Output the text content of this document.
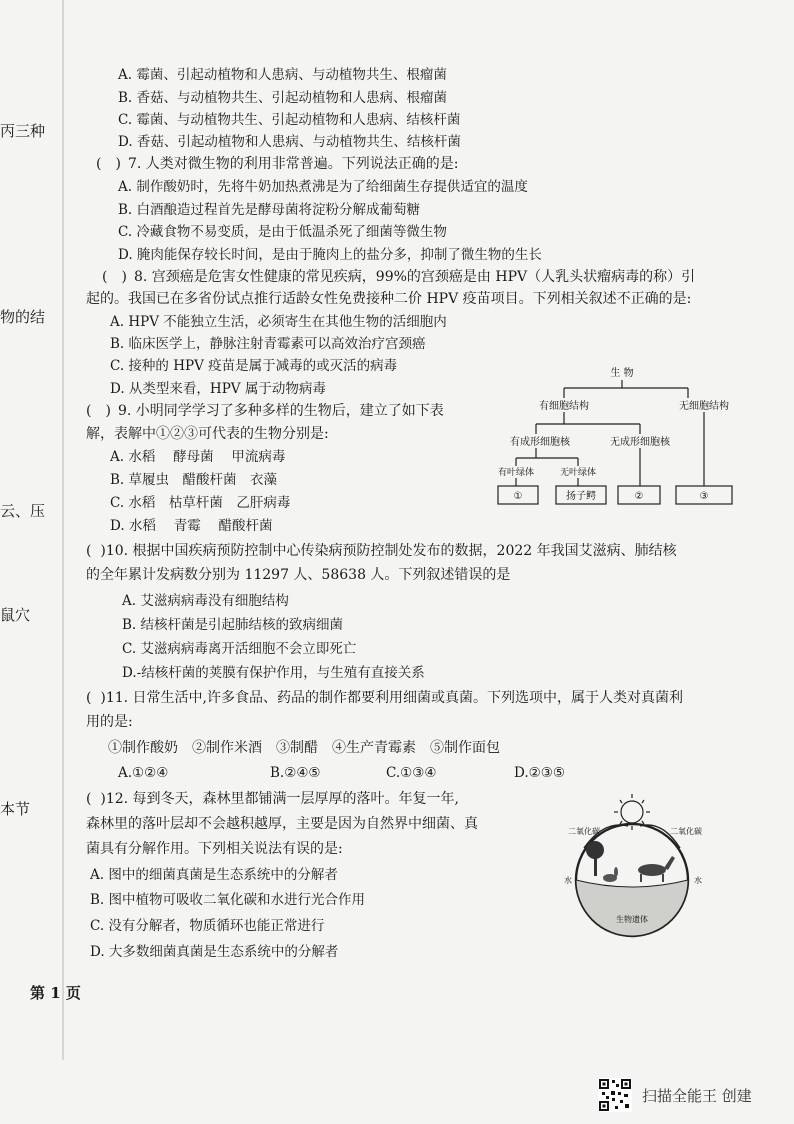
丙三种
物的结
云、压
鼠穴
本节
A. 霉菌、引起动植物和人患病、与动植物共生、根瘤菌
B. 香菇、与动植物共生、引起动植物和人患病、根瘤菌
C. 霉菌、与动植物共生、引起动植物和人患病、结核杆菌
D. 香菇、引起动植物和人患病、与动植物共生、结核杆菌
(　) 7. 人类对微生物的利用非常普遍。下列说法正确的是:
A. 制作酸奶时，先将牛奶加热煮沸是为了给细菌生存提供适宜的温度
B. 白酒酿造过程首先是酵母菌将淀粉分解成葡萄糖
C. 冷藏食物不易变质，是由于低温杀死了细菌等微生物
D. 腌肉能保存较长时间，是由于腌肉上的盐分多，抑制了微生物的生长
(　) 8. 宫颈癌是危害女性健康的常见疾病，99%的宫颈癌是由 HPV（人乳头状瘤病毒的称）引
起的。我国已在多省份试点推行适龄女性免费接种二价 HPV 疫苗项目。下列相关叙述不正确的是:
A. HPV 不能独立生活，必须寄生在其他生物的活细胞内
B. 临床医学上，静脉注射青霉素可以高效治疗宫颈癌
C. 接种的 HPV 疫苗是属于减毒的或灭活的病毒
D. 从类型来看，HPV 属于动物病毒
(　) 9. 小明同学学习了多种多样的生物后，建立了如下表
解，表解中①②③可代表的生物分别是:
A. 水稻　 酵母菌　 甲流病毒
B. 草履虫　醋酸杆菌　衣藻
C. 水稻　枯草杆菌　乙肝病毒
D. 水稻　 青霉　 醋酸杆菌
生 物
有细胞结构	无细胞结构
有成形细胞核	无成形细胞核
有叶绿体	无叶绿体
①	扬子鳄	②	③
( )10. 根据中国疾病预防控制中心传染病预防控制处发布的数据，2022 年我国艾滋病、肺结核
的全年累计发病数分别为 11297 人、58638 人。下列叙述错误的是
A. 艾滋病病毒没有细胞结构
B. 结核杆菌是引起肺结核的致病细菌
C. 艾滋病病毒离开活细胞不会立即死亡
D.-结核杆菌的荚膜有保护作用，与生殖有直接关系
( )11. 日常生活中,许多食品、药品的制作都要利用细菌或真菌。下列选项中，属于人类对真菌利
用的是:
①制作酸奶　②制作米酒　③制醋　④生产青霉素　⑤制作面包
A.①②④	B.②④⑤	C.①③④	D.②③⑤
( )12. 每到冬天，森林里都铺满一层厚厚的落叶。年复一年,
森林里的落叶层却不会越积越厚，主要是因为自然界中细菌、真
菌具有分解作用。下列相关说法有误的是:
A. 图中的细菌真菌是生态系统中的分解者
B. 图中植物可吸收二氧化碳和水进行光合作用
C. 没有分解者，物质循环也能正常进行
D. 大多数细菌真菌是生态系统中的分解者
二氧化碳	二氧化碳
水	水
生物遗体
第 1 页
扫描全能王 创建
